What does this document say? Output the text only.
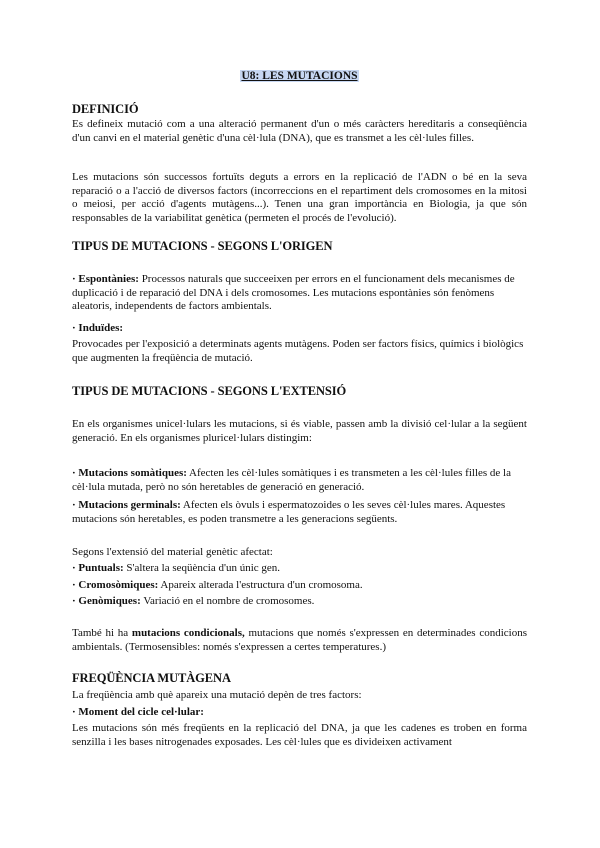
U8: LES MUTACIONS
DEFINICIÓ
Es defineix mutació com a una alteració permanent d'un o més caràcters hereditaris a conseqüència d'un canvi en el material genètic d'una cèl·lula (DNA), que es transmet a les cèl·lules filles.
Les mutacions són successos fortuïts deguts a errors en la replicació de l'ADN o bé en la seva reparació o a l'acció de diversos factors (incorreccions en el repartiment dels cromosomes en la mitosi o meiosi, per acció d'agents mutàgens...). Tenen una gran importància en Biologia, ja que són responsables de la variabilitat genètica (permeten el procés de l'evolució).
TIPUS DE MUTACIONS - SEGONS L'ORIGEN
· Espontànies: Processos naturals que succeeixen per errors en el funcionament dels mecanismes de duplicació i de reparació del DNA i dels cromosomes. Les mutacions espontànies són fenòmens aleatoris, independents de factors ambientals.
· Induïdes:
Provocades per l'exposició a determinats agents mutàgens. Poden ser factors físics, químics i biològics que augmenten la freqüència de mutació.
TIPUS DE MUTACIONS - SEGONS L'EXTENSIÓ
En els organismes unicel·lulars les mutacions, si és viable, passen amb la divisió cel·lular a la següent generació. En els organismes pluricel·lulars distingim:
· Mutacions somàtiques: Afecten les cèl·lules somàtiques i es transmeten a les cèl·lules filles de la cèl·lula mutada, però no són heretables de generació en generació.
· Mutacions germinals: Afecten els òvuls i espermatozoides o les seves cèl·lules mares. Aquestes mutacions són heretables, es poden transmetre a les generacions següents.
Segons l'extensió del material genètic afectat:
· Puntuals: S'altera la seqüència d'un únic gen.
· Cromosòmiques: Apareix alterada l'estructura d'un cromosoma.
· Genòmiques: Variació en el nombre de cromosomes.
També hi ha mutacions condicionals, mutacions que només s'expressen en determinades condicions ambientals. (Termosensibles: només s'expressen a certes temperatures.)
FREQÜÈNCIA MUTÀGENA
La freqüència amb què apareix una mutació depèn de tres factors:
· Moment del cicle cel·lular:
Les mutacions són més freqüents en la replicació del DNA, ja que les cadenes es troben en forma senzilla i les bases nitrogenades exposades. Les cèl·lules que es divideixen activament
